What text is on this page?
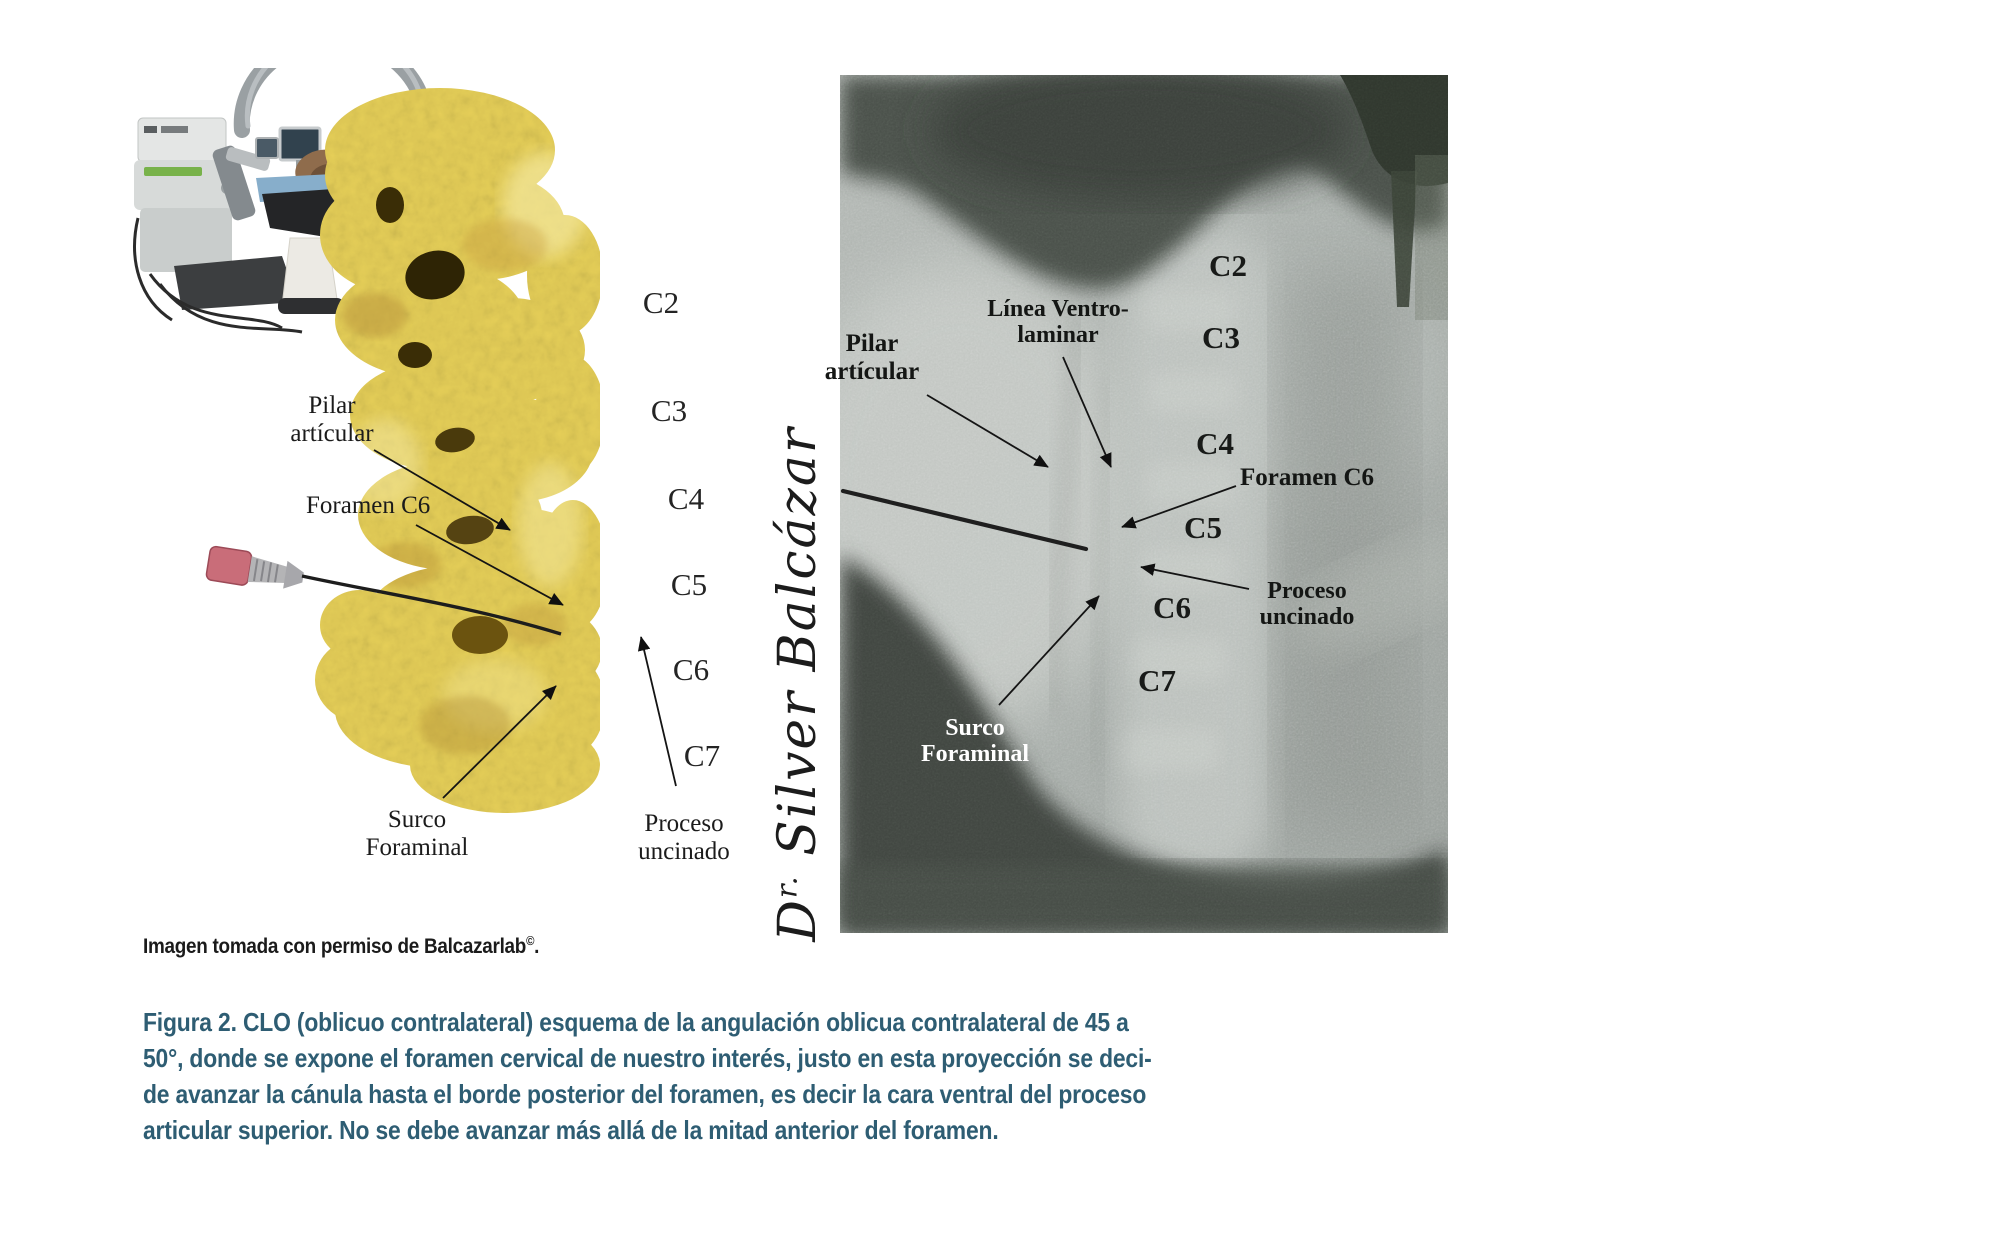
Pilar artícular
Foramen C6
Surco Foraminal
Proceso uncinado
C2
C3
C4
C5
C6
C7
Línea Ventro-laminar
Pilar artícular
Foramen C6
Proceso uncinado
Surco Foraminal
C2
C3
C4
C5
C6
C7
$D^{r.}$ Silver Balcázar
Imagen tomada con permiso de Balcazarlab©.
Figura 2. CLO (oblicuo contralateral) esquema de la angulación oblicua contralateral de 45 a
50°, donde se expone el foramen cervical de nuestro interés, justo en esta proyección se deci-
de avanzar la cánula hasta el borde posterior del foramen, es decir la cara ventral del proceso
articular superior. No se debe avanzar más allá de la mitad anterior del foramen.
